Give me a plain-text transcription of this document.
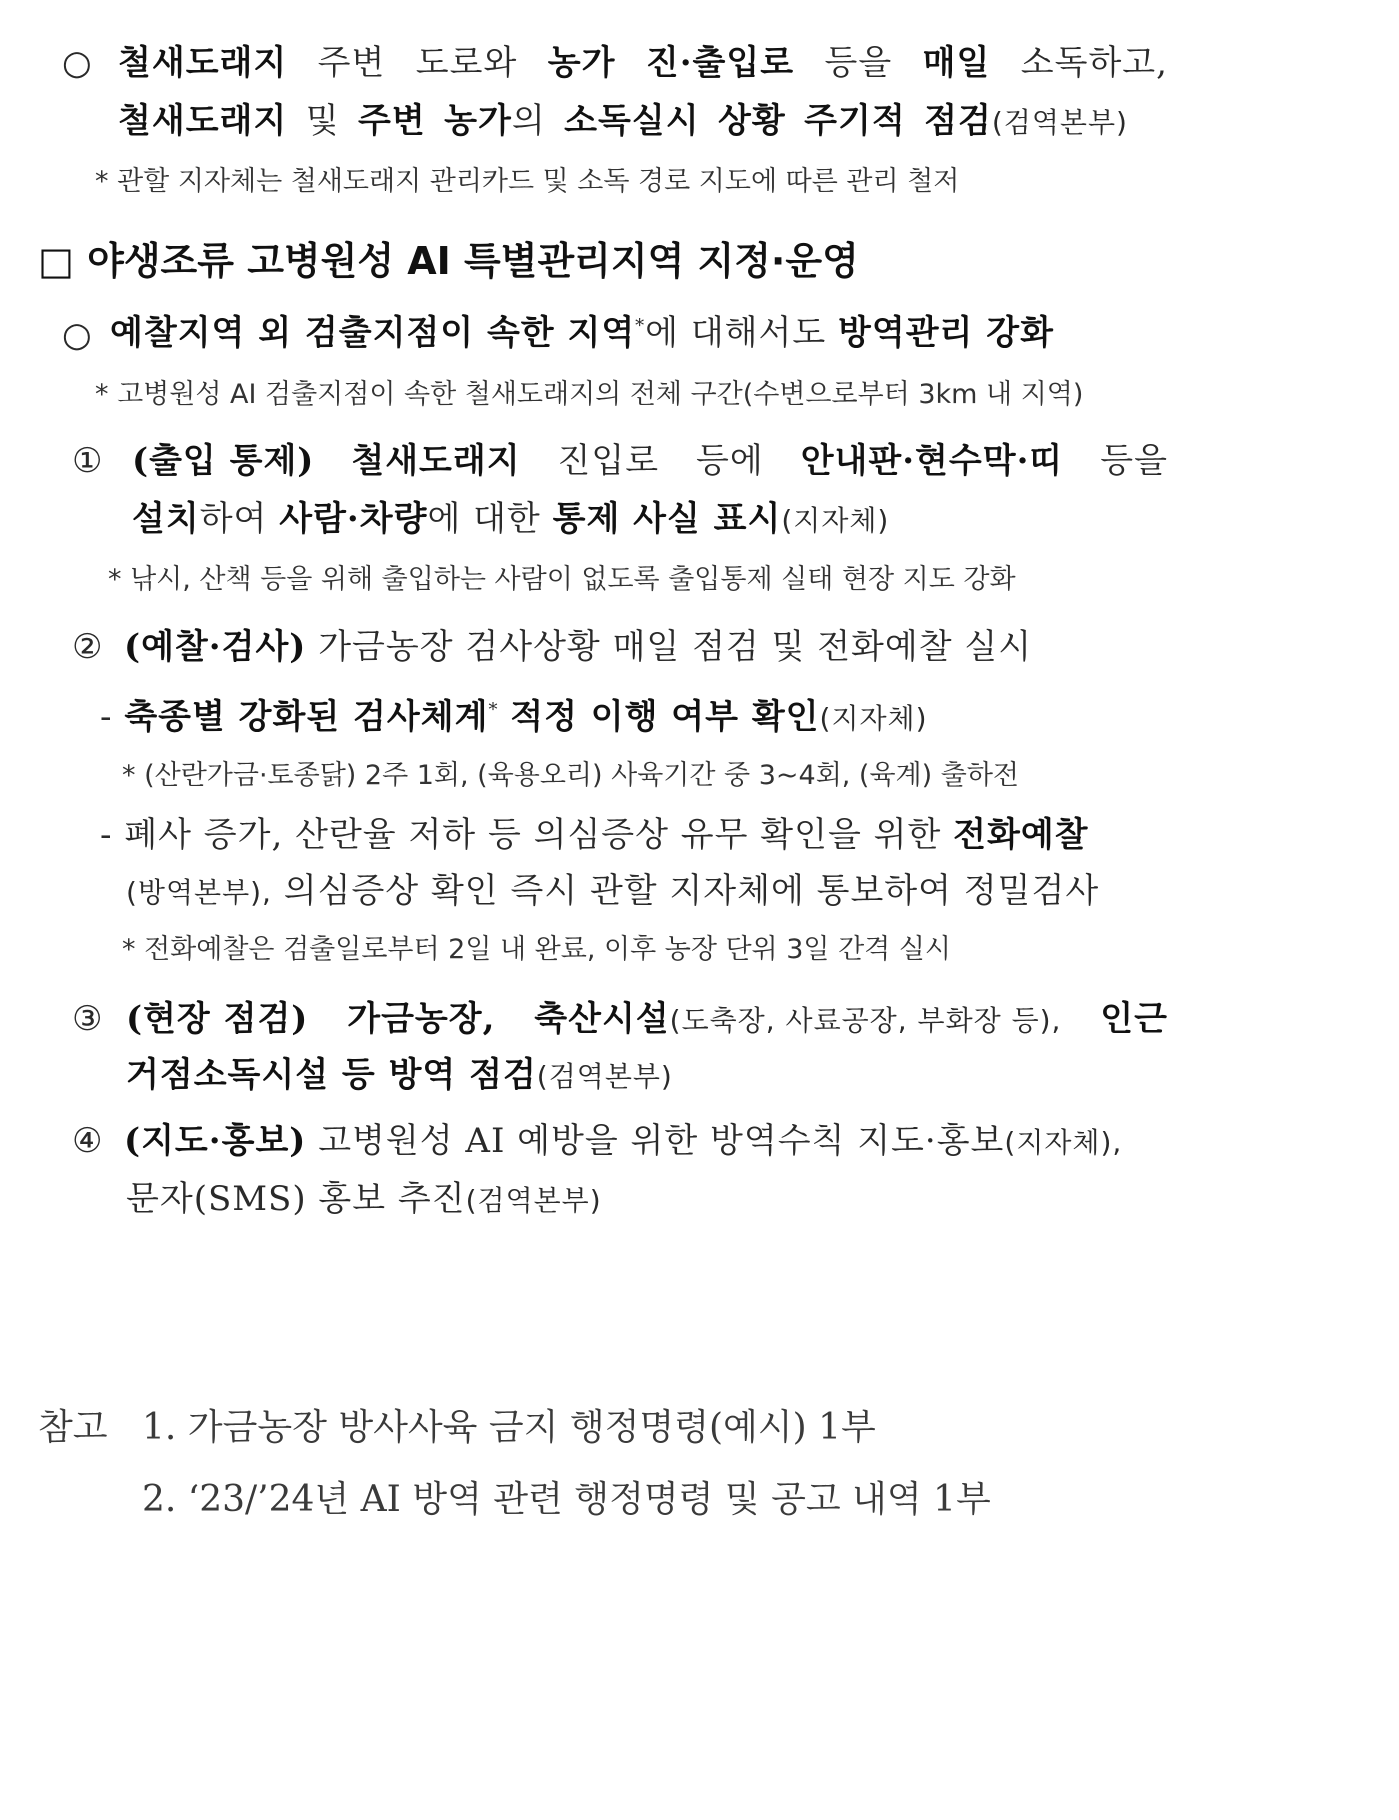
○ 철새도래지 주변 도로와 농가 진·출입로 등을 매일 소독하고,
철새도래지 및 주변 농가의 소독실시 상황 주기적 점검(검역본부)
* 관할 지자체는 철새도래지 관리카드 및 소독 경로 지도에 따른 관리 철저
□ 야생조류 고병원성 AI 특별관리지역 지정·운영
○ 예찰지역 외 검출지점이 속한 지역*에 대해서도 방역관리 강화
* 고병원성 AI 검출지점이 속한 철새도래지의 전체 구간(수변으로부터 3km 내 지역)
① (출입 통제) 철새도래지 진입로 등에 안내판·현수막·띠 등을
설치하여 사람·차량에 대한 통제 사실 표시(지자체)
* 낚시, 산책 등을 위해 출입하는 사람이 없도록 출입통제 실태 현장 지도 강화
② (예찰·검사) 가금농장 검사상황 매일 점검 및 전화예찰 실시
- 축종별 강화된 검사체계* 적정 이행 여부 확인(지자체)
* (산란가금·토종닭) 2주 1회, (육용오리) 사육기간 중 3~4회, (육계) 출하전
- 폐사 증가, 산란율 저하 등 의심증상 유무 확인을 위한 전화예찰
(방역본부), 의심증상 확인 즉시 관할 지자체에 통보하여 정밀검사
* 전화예찰은 검출일로부터 2일 내 완료, 이후 농장 단위 3일 간격 실시
③ (현장 점검) 가금농장, 축산시설(도축장, 사료공장, 부화장 등), 인근
거점소독시설 등 방역 점검(검역본부)
④ (지도·홍보) 고병원성 AI 예방을 위한 방역수칙 지도·홍보(지자체),
문자(SMS) 홍보 추진(검역본부)
참고 1. 가금농장 방사사육 금지 행정명령(예시) 1부
2. ‘23/’24년 AI 방역 관련 행정명령 및 공고 내역 1부
